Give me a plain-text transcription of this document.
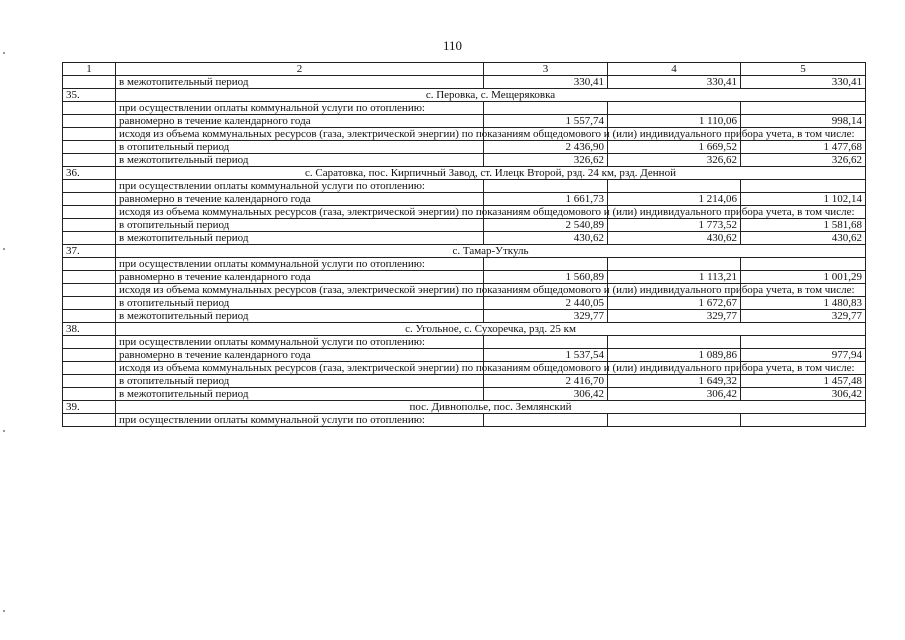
110
1	2	3	4	5
	в межотопительный период	330,41	330,41	330,41
35.	с. Перовка, с. Мещеряковка			
	при осуществлении оплаты коммунальной услуги по отоплению:			
	равномерно в течение календарного года	1 557,74	1 110,06	998,14
	исходя из объема коммунальных ресурсов (газа, электрической энергии) по показаниям общедомового и (или) индивидуального прибора учета, в том числе:			
	в отопительный период	2 436,90	1 669,52	1 477,68
	в межотопительный период	326,62	326,62	326,62
36.	с. Саратовка, пос. Кирпичный Завод, ст. Илецк Второй, рзд. 24 км, рзд. Денной			
	при осуществлении оплаты коммунальной услуги по отоплению:			
	равномерно в течение календарного года	1 661,73	1 214,06	1 102,14
	исходя из объема коммунальных ресурсов (газа, электрической энергии) по показаниям общедомового и (или) индивидуального прибора учета, в том числе:			
	в отопительный период	2 540,89	1 773,52	1 581,68
	в межотопительный период	430,62	430,62	430,62
37.	с. Тамар-Уткуль			
	при осуществлении оплаты коммунальной услуги по отоплению:			
	равномерно в течение календарного года	1 560,89	1 113,21	1 001,29
	исходя из объема коммунальных ресурсов (газа, электрической энергии) по показаниям общедомового и (или) индивидуального прибора учета, в том числе:			
	в отопительный период	2 440,05	1 672,67	1 480,83
	в межотопительный период	329,77	329,77	329,77
38.	с. Угольное, с. Сухоречка, рзд. 25 км			
	при осуществлении оплаты коммунальной услуги по отоплению:			
	равномерно в течение календарного года	1 537,54	1 089,86	977,94
	исходя из объема коммунальных ресурсов (газа, электрической энергии) по показаниям общедомового и (или) индивидуального прибора учета, в том числе:			
	в отопительный период	2 416,70	1 649,32	1 457,48
	в межотопительный период	306,42	306,42	306,42
39.	пос. Дивнополье, пос. Землянский			
	при осуществлении оплаты коммунальной услуги по отоплению:			
